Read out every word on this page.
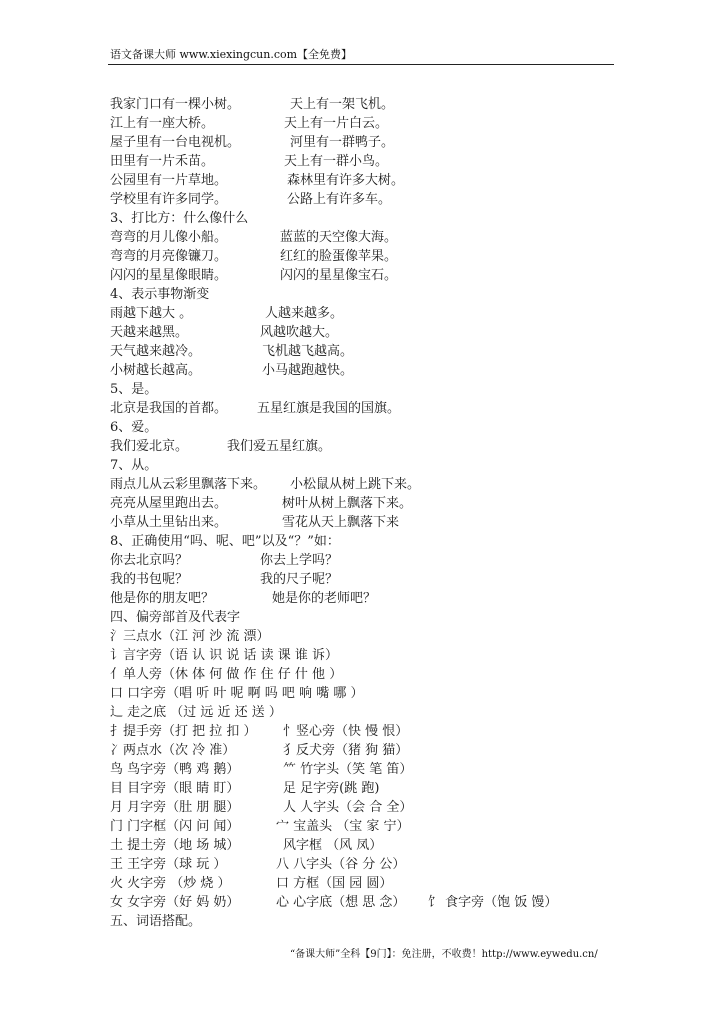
语文备课大师 www.xiexingcun.com【全免费】
我家门口有一棵小树。	天上有一架飞机。
江上有一座大桥。	天上有一片白云。
屋子里有一台电视机。	河里有一群鸭子。
田里有一片禾苗。	天上有一群小鸟。
公园里有一片草地。	森林里有许多大树。
学校里有许多同学。	公路上有许多车。
3、打比方：什么像什么
弯弯的月儿像小船。	蓝蓝的天空像大海。
弯弯的月亮像镰刀。	红红的脸蛋像苹果。
闪闪的星星像眼睛。	闪闪的星星像宝石。
4、表示事物渐变
雨越下越大 。	人越来越多。
天越来越黑。	风越吹越大。
天气越来越冷。	飞机越飞越高。
小树越长越高。	小马越跑越快。
5、是。
北京是我国的首都。 五星红旗是我国的国旗。
6、爱。
我们爱北京。	我们爱五星红旗。
7、从。
雨点儿从云彩里飘落下来。 小松鼠从树上跳下来。
亮亮从屋里跑出去。	树叶从树上飘落下来。
小草从土里钻出来。	雪花从天上飘落下来
8、正确使用“吗、呢、吧”以及“？”如：
你去北京吗？	你去上学吗？
我的书包呢？	我的尺子呢？
他是你的朋友吧？	她是你的老师吧？
四、偏旁部首及代表字
氵三点水（江 河 沙 流 漂）
讠言字旁（语 认 识 说 话 读 课 谁 诉）
亻单人旁（休 体 何 做 作 住 仔 什 他 ）
口 口字旁（唱 听 叶 呢 啊 吗 吧 响 嘴 哪 ）
辶 走之底 （过 远 近 还 送 ）
扌提手旁（打 把 拉 扣 ） 忄竖心旁（快 慢 恨）
冫两点水（次 冷 准）	犭反犬旁（猪 狗 猫）
鸟 鸟字旁（鸭 鸡 鹅）	⺮ 竹字头（笑 笔 笛）
目 目字旁（眼 睛 盯）	足 足字旁(跳 跑)
月 月字旁（肚 朋 腿）	人 人字头（会 合 全）
门 门字框（闪 问 闻）	宀 宝盖头 （宝 家 宁）
土 提土旁（地 场 城）	风字框 （风 凤）
王 王字旁（球 玩 ）	八 八字头（谷 分 公）
火 火字旁 （炒 烧 ）	口 方框（国 园 圆）
女 女字旁（好 妈 奶）	心 心字底（想 思 念） 饣 食字旁（饱 饭 馒）
五、词语搭配。
“备课大师”全科【9门】：免注册，不收费！http://www.eywedu.cn/
